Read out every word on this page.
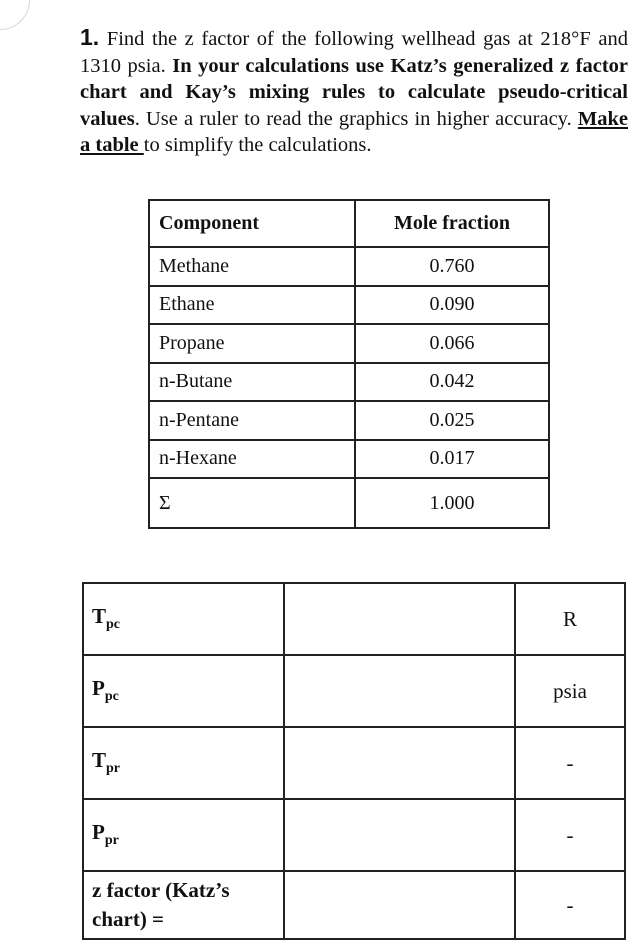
1. Find the z factor of the following wellhead gas at 218°F and 1310 psia. In your calculations use Katz’s generalized z factor chart and Kay’s mixing rules to calculate pseudo-critical values. Use a ruler to read the graphics in higher accuracy. Make a table to simplify the calculations.
Component	Mole fraction
Methane	0.760
Ethane	0.090
Propane	0.066
n-Butane	0.042
n-Pentane	0.025
n-Hexane	0.017
Σ	1.000
$T_{pc}$		R
$P_{pc}$		psia
$T_{pr}$		-
$P_{pr}$		-
z factor (Katz’s chart) =		-
